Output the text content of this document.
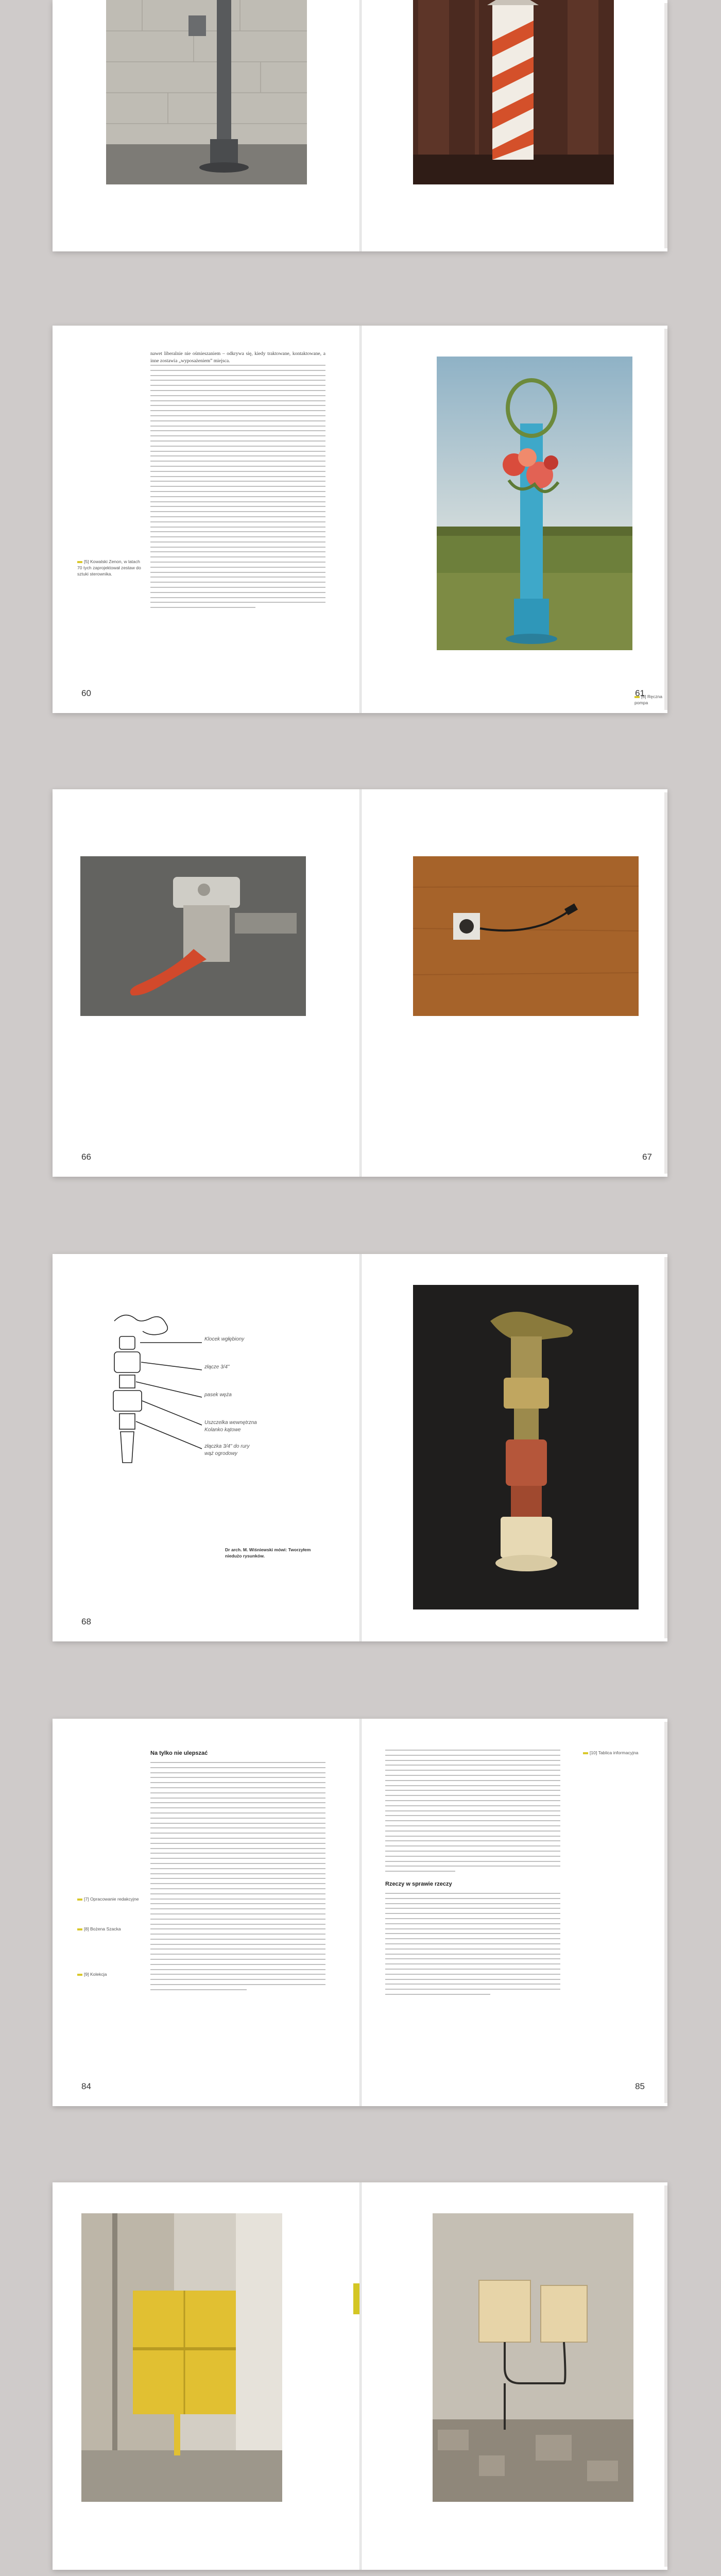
nawet liberalnie nie ośmieszaniem – odkrywa się, kiedy traktowane, kontaktowane, a inne zostawia „wyposażeniem” miejsca.
[5] Kowalski Zenon, w latach 70 tych zaprojektował zestaw do sztuki sterownika.
60	[6] Ręczna pompa
61
66	67
Klocek wgłębiony
złącze 3/4"
pasek węża
Uszczelka wewnętrzna
Kolanko kątowe
złączka 3/4" do rury
wąż ogrodowy
Dr arch. M. Wiśniewski mówi: Tworzyłem niedużo rysunków.
68
Na tylko nie ulepszać
[7] Opracowanie redakcyjne
[8] Bożena Szacka
[9] Kolekcja
84
Rzeczy w sprawie rzeczy
[10] Tablica informacyjna
85
